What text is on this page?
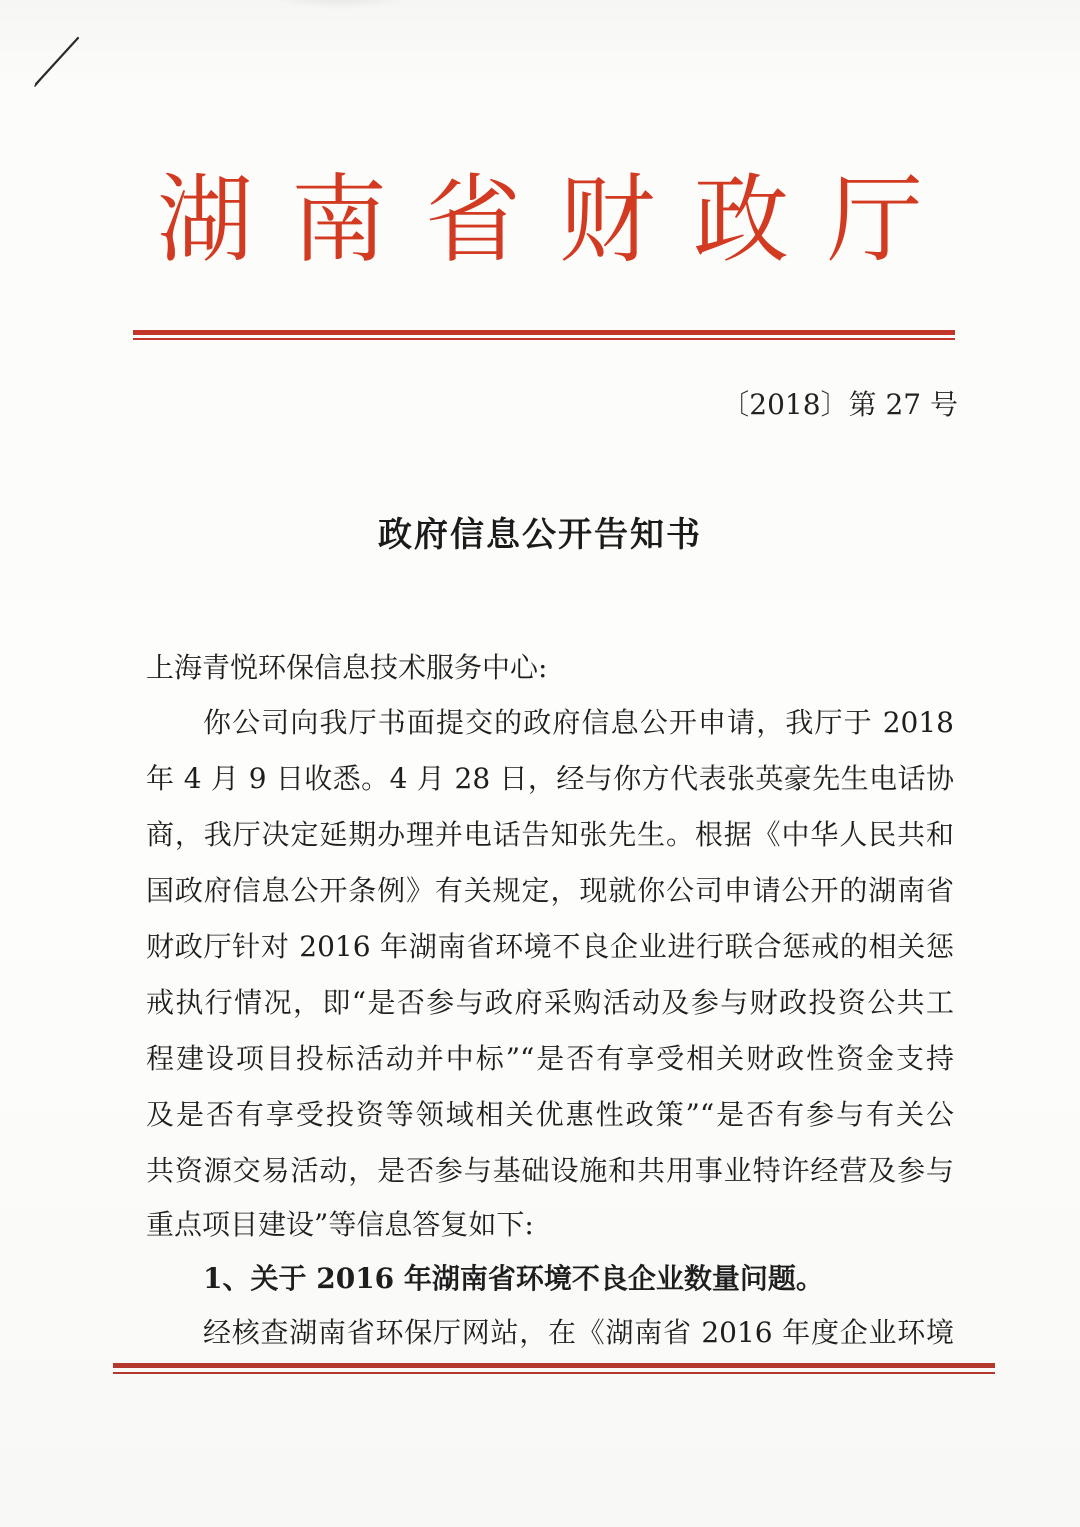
湖 南 省 财 政 厅
〔2018〕第 27 号
政府信息公开告知书
上海青悦环保信息技术服务中心:
你公司向我厅书面提交的政府信息公开申请，我厅于 2018
年 4 月 9 日收悉。4 月 28 日，经与你方代表张英豪先生电话协
商，我厅决定延期办理并电话告知张先生。根据《中华人民共和
国政府信息公开条例》有关规定，现就你公司申请公开的湖南省
财政厅针对 2016 年湖南省环境不良企业进行联合惩戒的相关惩
戒执行情况，即“是否参与政府采购活动及参与财政投资公共工
程建设项目投标活动并中标”“是否有享受相关财政性资金支持
及是否有享受投资等领域相关优惠性政策”“是否有参与有关公
共资源交易活动，是否参与基础设施和共用事业特许经营及参与
重点项目建设”等信息答复如下:
1、关于 2016 年湖南省环境不良企业数量问题。
经核查湖南省环保厅网站，在《湖南省 2016 年度企业环境
